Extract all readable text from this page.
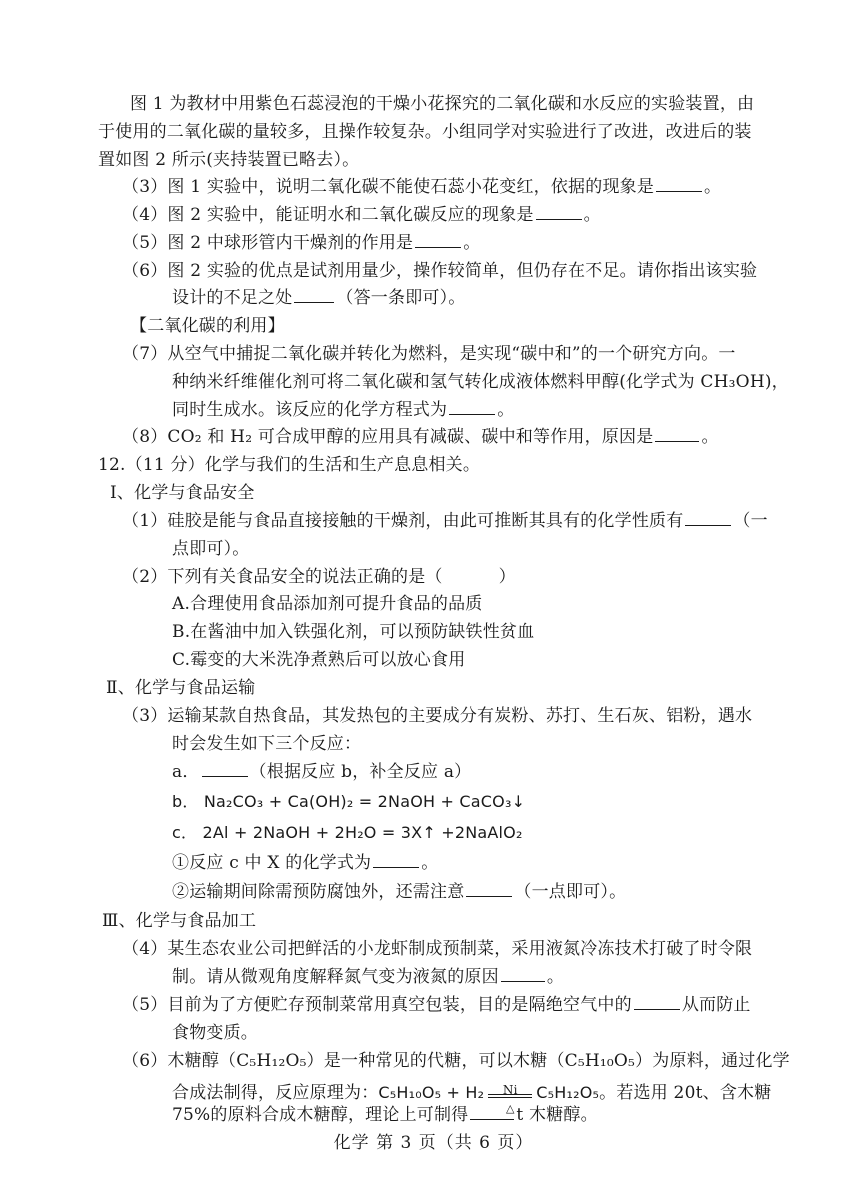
图 1 为教材中用紫色石蕊浸泡的干燥小花探究的二氧化碳和水反应的实验装置，由
于使用的二氧化碳的量较多，且操作较复杂。小组同学对实验进行了改进，改进后的装
置如图 2 所示(夹持装置已略去）。
（3）图 1 实验中，说明二氧化碳不能使石蕊小花变红，依据的现象是	。
（4）图 2 实验中，能证明水和二氧化碳反应的现象是	。
（5）图 2 中球形管内干燥剂的作用是	。
（6）图 2 实验的优点是试剂用量少，操作较简单，但仍存在不足。请你指出该实验
设计的不足之处	（答一条即可）。
【二氧化碳的利用】
（7）从空气中捕捉二氧化碳并转化为燃料，是实现“碳中和”的一个研究方向。一
种纳米纤维催化剂可将二氧化碳和氢气转化成液体燃料甲醇(化学式为 CH₃OH)，
同时生成水。该反应的化学方程式为	。
（8）CO₂ 和 H₂ 可合成甲醇的应用具有减碳、碳中和等作用，原因是	。
12.（11 分）化学与我们的生活和生产息息相关。
Ⅰ、化学与食品安全
（1）硅胶是能与食品直接接触的干燥剂，由此可推断其具有的化学性质有	（一
点即可）。
（2）下列有关食品安全的说法正确的是（	）
A.合理使用食品添加剂可提升食品的品质
B.在酱油中加入铁强化剂，可以预防缺铁性贫血
C.霉变的大米洗净煮熟后可以放心食用
Ⅱ、化学与食品运输
（3）运输某款自热食品，其发热包的主要成分有炭粉、苏打、生石灰、铝粉，遇水
时会发生如下三个反应：
a．	（根据反应 b，补全反应 a）
b． Na₂CO₃ + Ca(OH)₂ = 2NaOH + CaCO₃↓
c． 2Al + 2NaOH + 2H₂O = 3X↑ +2NaAlO₂
①反应 c 中 X 的化学式为	。
②运输期间除需预防腐蚀外，还需注意	（一点即可）。
Ⅲ、化学与食品加工
（4）某生态农业公司把鲜活的小龙虾制成预制菜，采用液氮冷冻技术打破了时令限
制。请从微观角度解释氮气变为液氮的原因	。
（5）目前为了方便贮存预制菜常用真空包装，目的是隔绝空气中的	从而防止
食物变质。
（6）木糖醇（C₅H₁₂O₅）是一种常见的代糖，可以木糖（C₅H₁₀O₅）为原料，通过化学
合成法制得，反应原理为：C₅H₁₀O₅ + H₂	Ni
△
C₅H₁₂O₅。若选用 20t、含木糖
75%的原料合成木糖醇，理论上可制得	t 木糖醇。
化学 第 3 页（共 6 页）
